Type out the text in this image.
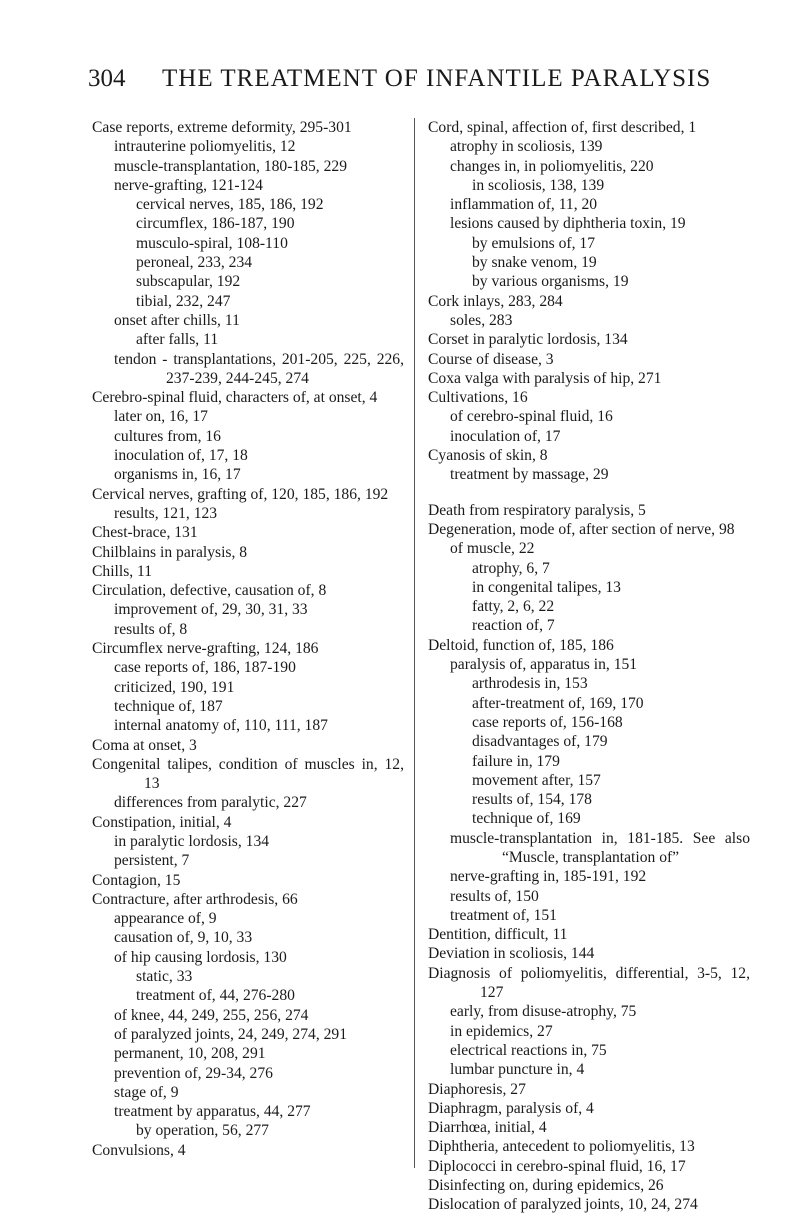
304 THE TREATMENT OF INFANTILE PARALYSIS
Case reports, extreme deformity, 295-301
intrauterine poliomyelitis, 12
muscle-transplantation, 180-185, 229
nerve-grafting, 121-124
cervical nerves, 185, 186, 192
circumflex, 186-187, 190
musculo-spiral, 108-110
peroneal, 233, 234
subscapular, 192
tibial, 232, 247
onset after chills, 11
after falls, 11
tendon - transplantations, 201-205, 225, 226, 237-239, 244-245, 274
Cerebro-spinal fluid, characters of, at onset, 4
later on, 16, 17
cultures from, 16
inoculation of, 17, 18
organisms in, 16, 17
Cervical nerves, grafting of, 120, 185, 186, 192
results, 121, 123
Chest-brace, 131
Chilblains in paralysis, 8
Chills, 11
Circulation, defective, causation of, 8
improvement of, 29, 30, 31, 33
results of, 8
Circumflex nerve-grafting, 124, 186
case reports of, 186, 187-190
criticized, 190, 191
technique of, 187
internal anatomy of, 110, 111, 187
Coma at onset, 3
Congenital talipes, condition of muscles in, 12, 13
differences from paralytic, 227
Constipation, initial, 4
in paralytic lordosis, 134
persistent, 7
Contagion, 15
Contracture, after arthrodesis, 66
appearance of, 9
causation of, 9, 10, 33
of hip causing lordosis, 130
static, 33
treatment of, 44, 276-280
of knee, 44, 249, 255, 256, 274
of paralyzed joints, 24, 249, 274, 291
permanent, 10, 208, 291
prevention of, 29-34, 276
stage of, 9
treatment by apparatus, 44, 277
by operation, 56, 277
Convulsions, 4
Cord, spinal, affection of, first described, 1
atrophy in scoliosis, 139
changes in, in poliomyelitis, 220
in scoliosis, 138, 139
inflammation of, 11, 20
lesions caused by diphtheria toxin, 19
by emulsions of, 17
by snake venom, 19
by various organisms, 19
Cork inlays, 283, 284
soles, 283
Corset in paralytic lordosis, 134
Course of disease, 3
Coxa valga with paralysis of hip, 271
Cultivations, 16
of cerebro-spinal fluid, 16
inoculation of, 17
Cyanosis of skin, 8
treatment by massage, 29
Death from respiratory paralysis, 5
Degeneration, mode of, after section of nerve, 98
of muscle, 22
atrophy, 6, 7
in congenital talipes, 13
fatty, 2, 6, 22
reaction of, 7
Deltoid, function of, 185, 186
paralysis of, apparatus in, 151
arthrodesis in, 153
after-treatment of, 169, 170
case reports of, 156-168
disadvantages of, 179
failure in, 179
movement after, 157
results of, 154, 178
technique of, 169
muscle-transplantation in, 181-185. See also “Muscle, transplantation of”
nerve-grafting in, 185-191, 192
results of, 150
treatment of, 151
Dentition, difficult, 11
Deviation in scoliosis, 144
Diagnosis of poliomyelitis, differential, 3-5, 12, 127
early, from disuse-atrophy, 75
in epidemics, 27
electrical reactions in, 75
lumbar puncture in, 4
Diaphoresis, 27
Diaphragm, paralysis of, 4
Diarrhœa, initial, 4
Diphtheria, antecedent to poliomyelitis, 13
Diplococci in cerebro-spinal fluid, 16, 17
Disinfecting on, during epidemics, 26
Dislocation of paralyzed joints, 10, 24, 274
